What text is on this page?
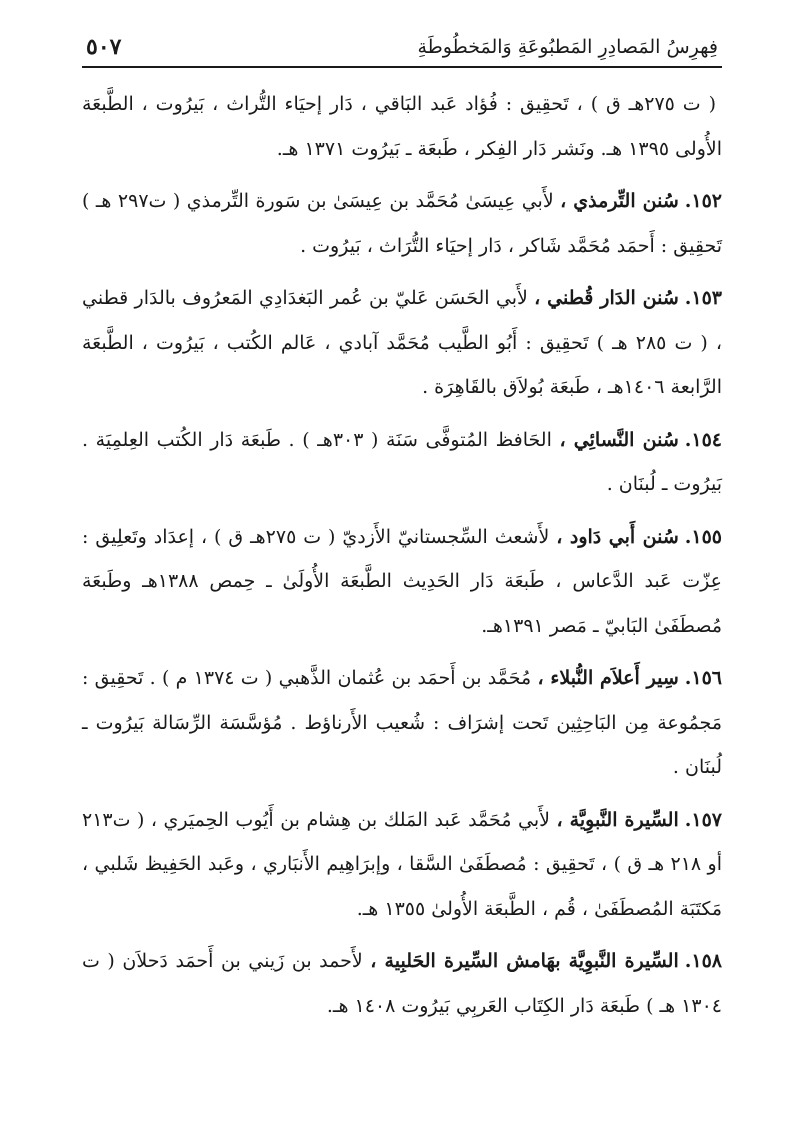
فِهرِسُ المَصادِرِ المَطبُوعَةِ وَالمَخطُوطَةِ
٥٠٧

( ت ٢٧٥هـ ق ) ، تَحقِيق : فُؤاد عَبد البَاقي ، دَار إحيَاء التُّراث ، بَيرُوت ، الطَّبعَة الأُولى ١٣٩٥ هـ. ونَشر دَار الفِكر ، طَبعَة ـ بَيرُوت ١٣٧١ هـ.

١٥٢.سُنن التِّرمذي ، لأَبي عِيسَىٰ مُحَمَّد بن عِيسَىٰ بن سَورة التِّرمذي ( ت٢٩٧ هـ ) تَحقِيق : أَحمَد مُحَمَّد شَاكر ، دَار إحيَاء التُّرَاث ، بَيرُوت .

١٥٣.سُنن الدَار قُطني ، لأَبي الحَسَن عَليّ بن عُمر البَغدَادِي المَعرُوف بالدَار قطني ، ( ت ٢٨٥ هـ ) تَحقِيق : أَبُو الطَّيب مُحَمَّد آبادي ، عَالم الكُتب ، بَيرُوت ، الطَّبعَة الرَّابعة ١٤٠٦هـ ، طَبعَة بُولاَق بالقَاهِرَة .

١٥٤.سُنن النَّسائِي ، الحَافظ المُتوفَّى سَنَة ( ٣٠٣هـ ) . طَبعَة دَار الكُتب العِلمِيَة . بَيرُوت ـ لُبنَان .

١٥٥.سُنن أَبي دَاود ، لأَشعث السِّجستانيّ الأَزديّ ( ت ٢٧٥هـ ق ) ، إعدَاد وتَعلِيق : عِزّت عَبد الدَّعاس ، طَبعَة دَار الحَدِيث الطَّبعَة الأُولَىٰ ـ حِمص ١٣٨٨هـ وطَبعَة مُصطَفَىٰ البَابيّ ـ مَصر ١٣٩١هـ.

١٥٦.سِير أَعلاَم النُّبلاء ، مُحَمَّد بن أَحمَد بن عُثمان الذَّهبي ( ت ١٣٧٤ م ) . تَحقِيق : مَجمُوعة مِن البَاحِثِين تَحت إشرَاف : شُعيب الأَرناؤط . مُؤسَّسَة الرِّسَالة بَيرُوت ـ لُبنَان .

١٥٧.السِّيرة النَّبوِيَّة ، لأَبي مُحَمَّد عَبد المَلك بن هِشام بن أَيُوب الحِميَري ، ( ت٢١٣ أو ٢١٨ هـ ق ) ، تَحقِيق : مُصطَفَىٰ السَّقا ، وإبرَاهِيم الأَنبَاري ، وعَبد الحَفِيظ شَلبي ، مَكتَبَة المُصطَفَىٰ ، قُم ، الطَّبعَة الأُولىٰ ١٣٥٥ هـ.

١٥٨.السِّيرة النَّبوِيَّة بهَامش السِّيرة الحَلبِية ، لأَحمد بن زَيني بن أَحمَد دَحلاَن ( ت ١٣٠٤ هـ ) طَبعَة دَار الكِتَاب العَربِي بَيرُوت ١٤٠٨ هـ.
